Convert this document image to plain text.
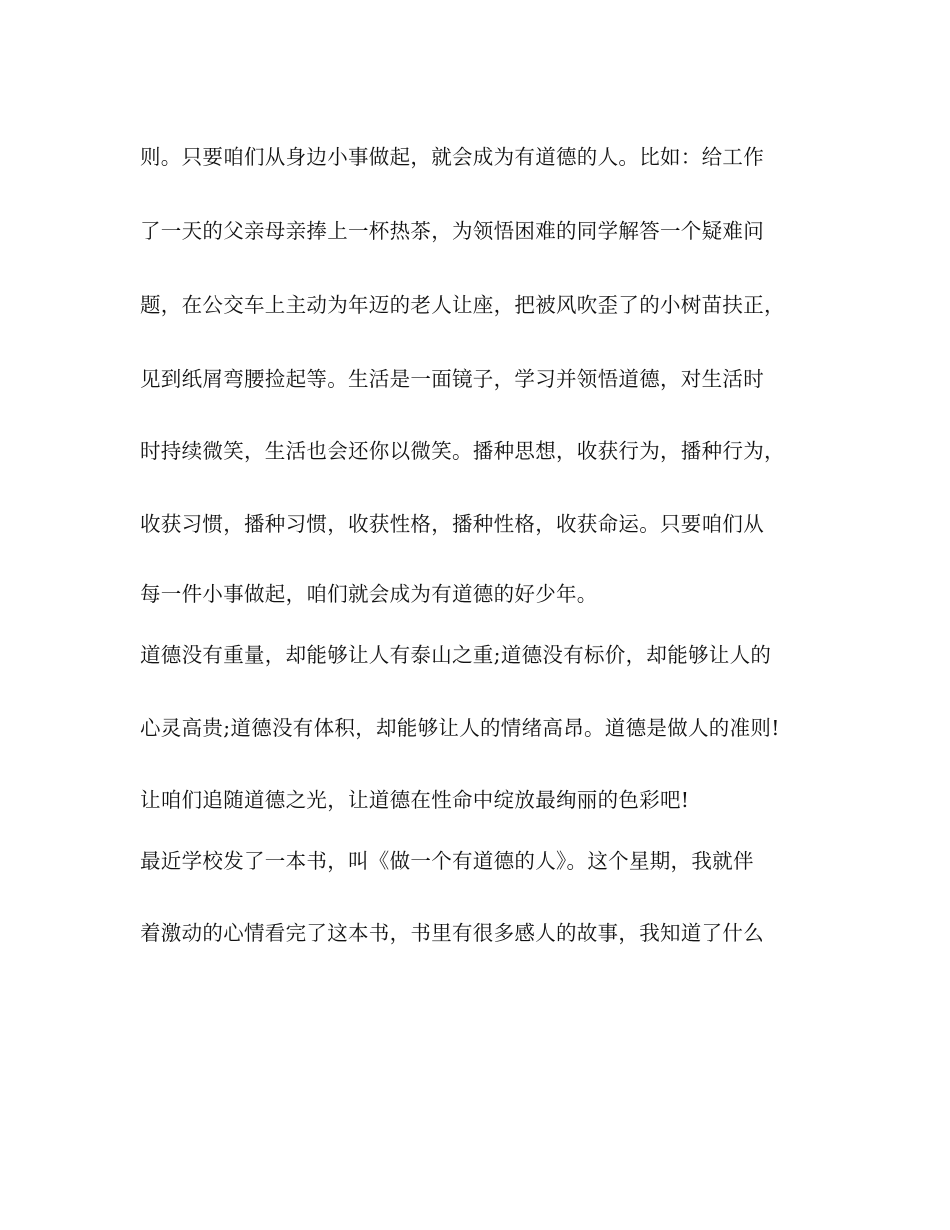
则。只要咱们从身边小事做起，就会成为有道德的人。比如：给工作
了一天的父亲母亲捧上一杯热茶，为领悟困难的同学解答一个疑难问
题，在公交车上主动为年迈的老人让座，把被风吹歪了的小树苗扶正，
见到纸屑弯腰捡起等。生活是一面镜子，学习并领悟道德，对生活时
时持续微笑，生活也会还你以微笑。播种思想，收获行为，播种行为，
收获习惯，播种习惯，收获性格，播种性格，收获命运。只要咱们从
每一件小事做起，咱们就会成为有道德的好少年。
道德没有重量，却能够让人有泰山之重;道德没有标价，却能够让人的
心灵高贵;道德没有体积，却能够让人的情绪高昂。道德是做人的准则!
让咱们追随道德之光，让道德在性命中绽放最绚丽的色彩吧!
最近学校发了一本书，叫《做一个有道德的人》。这个星期，我就伴
着激动的心情看完了这本书，书里有很多感人的故事，我知道了什么
